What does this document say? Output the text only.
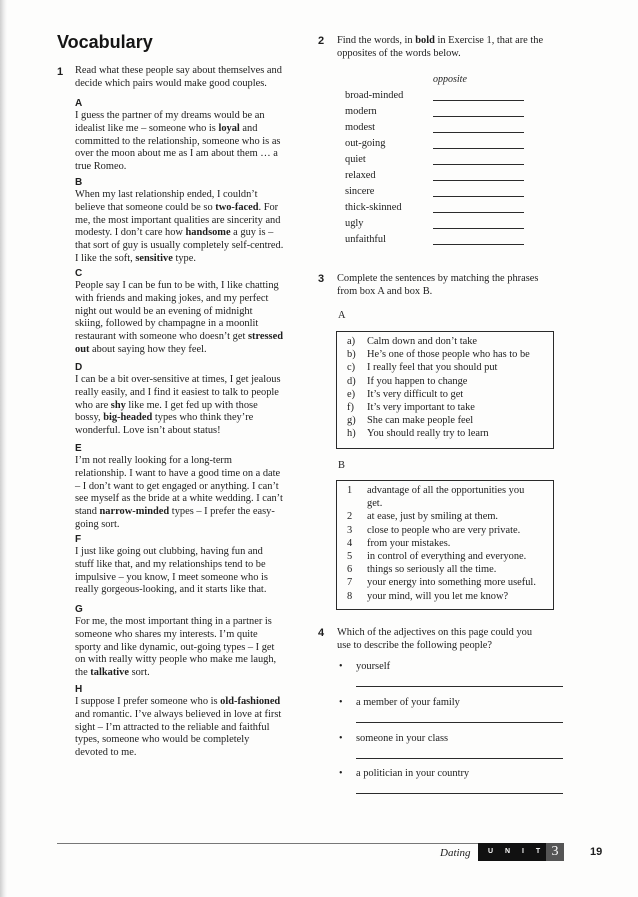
Vocabulary
1 Read what these people say about themselves and
decide which pairs would make good couples.
A
I guess the partner of my dreams would be an
idealist like me – someone who is loyal and
committed to the relationship, someone who is as
over the moon about me as I am about them … a
true Romeo.
B
When my last relationship ended, I couldn’t
believe that someone could be so two-faced. For
me, the most important qualities are sincerity and
modesty. I don’t care how handsome a guy is –
that sort of guy is usually completely self-centred.
I like the soft, sensitive type.
C
People say I can be fun to be with, I like chatting
with friends and making jokes, and my perfect
night out would be an evening of midnight
skiing, followed by champagne in a moonlit
restaurant with someone who doesn’t get stressed
out about saying how they feel.
D
I can be a bit over-sensitive at times, I get jealous
really easily, and I find it easiest to talk to people
who are shy like me. I get fed up with those
bossy, big-headed types who think they’re
wonderful. Love isn’t about status!
E
I’m not really looking for a long-term
relationship. I want to have a good time on a date
– I don’t want to get engaged or anything. I can’t
see myself as the bride at a white wedding. I can’t
stand narrow-minded types – I prefer the easy-
going sort.
F
I just like going out clubbing, having fun and
stuff like that, and my relationships tend to be
impulsive – you know, I meet someone who is
really gorgeous-looking, and it starts like that.
G
For me, the most important thing in a partner is
someone who shares my interests. I’m quite
sporty and like dynamic, out-going types – I get
on with really witty people who make me laugh,
the talkative sort.
H
I suppose I prefer someone who is old-fashioned
and romantic. I’ve always believed in love at first
sight – I’m attracted to the reliable and faithful
types, someone who would be completely
devoted to me.
2 Find the words, in bold in Exercise 1, that are the
opposites of the words below.
opposite
broad-minded
modern
modest
out-going
quiet
relaxed
sincere
thick-skinned
ugly
unfaithful
3 Complete the sentences by matching the phrases
from box A and box B.
A
a)	Calm down and don’t take
b)	He’s one of those people who has to be
c)	I really feel that you should put
d)	If you happen to change
e)	It’s very difficult to get
f)	It’s very important to take
g)	She can make people feel
h)	You should really try to learn
B
1	advantage of all the opportunities you
get.
2	at ease, just by smiling at them.
3	close to people who are very private.
4	from your mistakes.
5	in control of everything and everyone.
6	things so seriously all the time.
7	your energy into something more useful.
8	your mind, will you let me know?
4 Which of the adjectives on this page could you
use to describe the following people?
• yourself
• a member of your family
• someone in your class
• a politician in your country
Dating	U N I T 3	19
